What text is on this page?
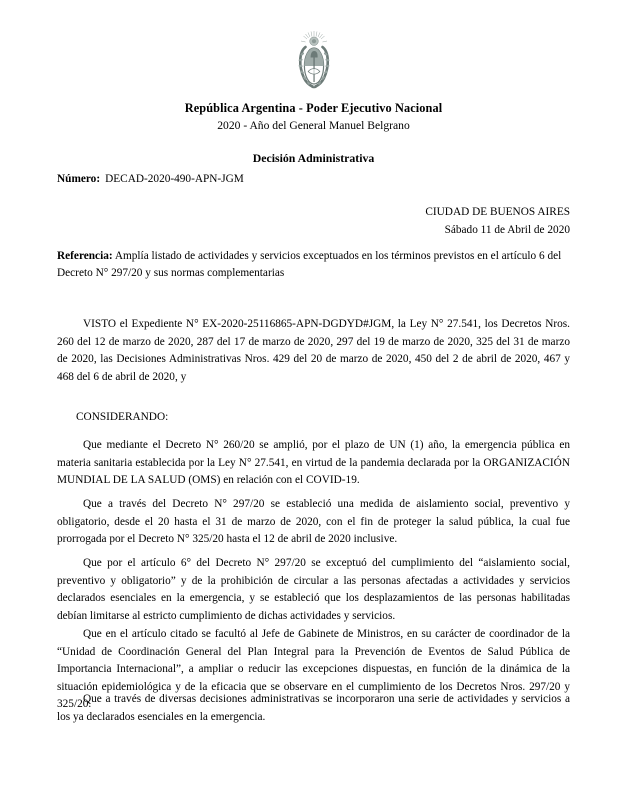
República Argentina - Poder Ejecutivo Nacional
2020 - Año del General Manuel Belgrano
Decisión Administrativa
Número: DECAD-2020-490-APN-JGM
CIUDAD DE BUENOS AIRES
Sábado 11 de Abril de 2020
Referencia: Amplía listado de actividades y servicios exceptuados en los términos previstos en el artículo 6 del Decreto N° 297/20 y sus normas complementarias
VISTO el Expediente N° EX-2020-25116865-APN-DGDYD#JGM, la Ley N° 27.541, los Decretos Nros. 260 del 12 de marzo de 2020, 287 del 17 de marzo de 2020, 297 del 19 de marzo de 2020, 325 del 31 de marzo de 2020, las Decisiones Administrativas Nros. 429 del 20 de marzo de 2020, 450 del 2 de abril de 2020, 467 y 468 del 6 de abril de 2020, y
CONSIDERANDO:
Que mediante el Decreto N° 260/20 se amplió, por el plazo de UN (1) año, la emergencia pública en materia sanitaria establecida por la Ley N° 27.541, en virtud de la pandemia declarada por la ORGANIZACIÓN MUNDIAL DE LA SALUD (OMS) en relación con el COVID-19.
Que a través del Decreto N° 297/20 se estableció una medida de aislamiento social, preventivo y obligatorio, desde el 20 hasta el 31 de marzo de 2020, con el fin de proteger la salud pública, la cual fue prorrogada por el Decreto N° 325/20 hasta el 12 de abril de 2020 inclusive.
Que por el artículo 6° del Decreto N° 297/20 se exceptuó del cumplimiento del “aislamiento social, preventivo y obligatorio” y de la prohibición de circular a las personas afectadas a actividades y servicios declarados esenciales en la emergencia, y se estableció que los desplazamientos de las personas habilitadas debían limitarse al estricto cumplimiento de dichas actividades y servicios.
Que en el artículo citado se facultó al Jefe de Gabinete de Ministros, en su carácter de coordinador de la “Unidad de Coordinación General del Plan Integral para la Prevención de Eventos de Salud Pública de Importancia Internacional”, a ampliar o reducir las excepciones dispuestas, en función de la dinámica de la situación epidemiológica y de la eficacia que se observare en el cumplimiento de los Decretos Nros. 297/20 y 325/20.
Que a través de diversas decisiones administrativas se incorporaron una serie de actividades y servicios a los ya declarados esenciales en la emergencia.
